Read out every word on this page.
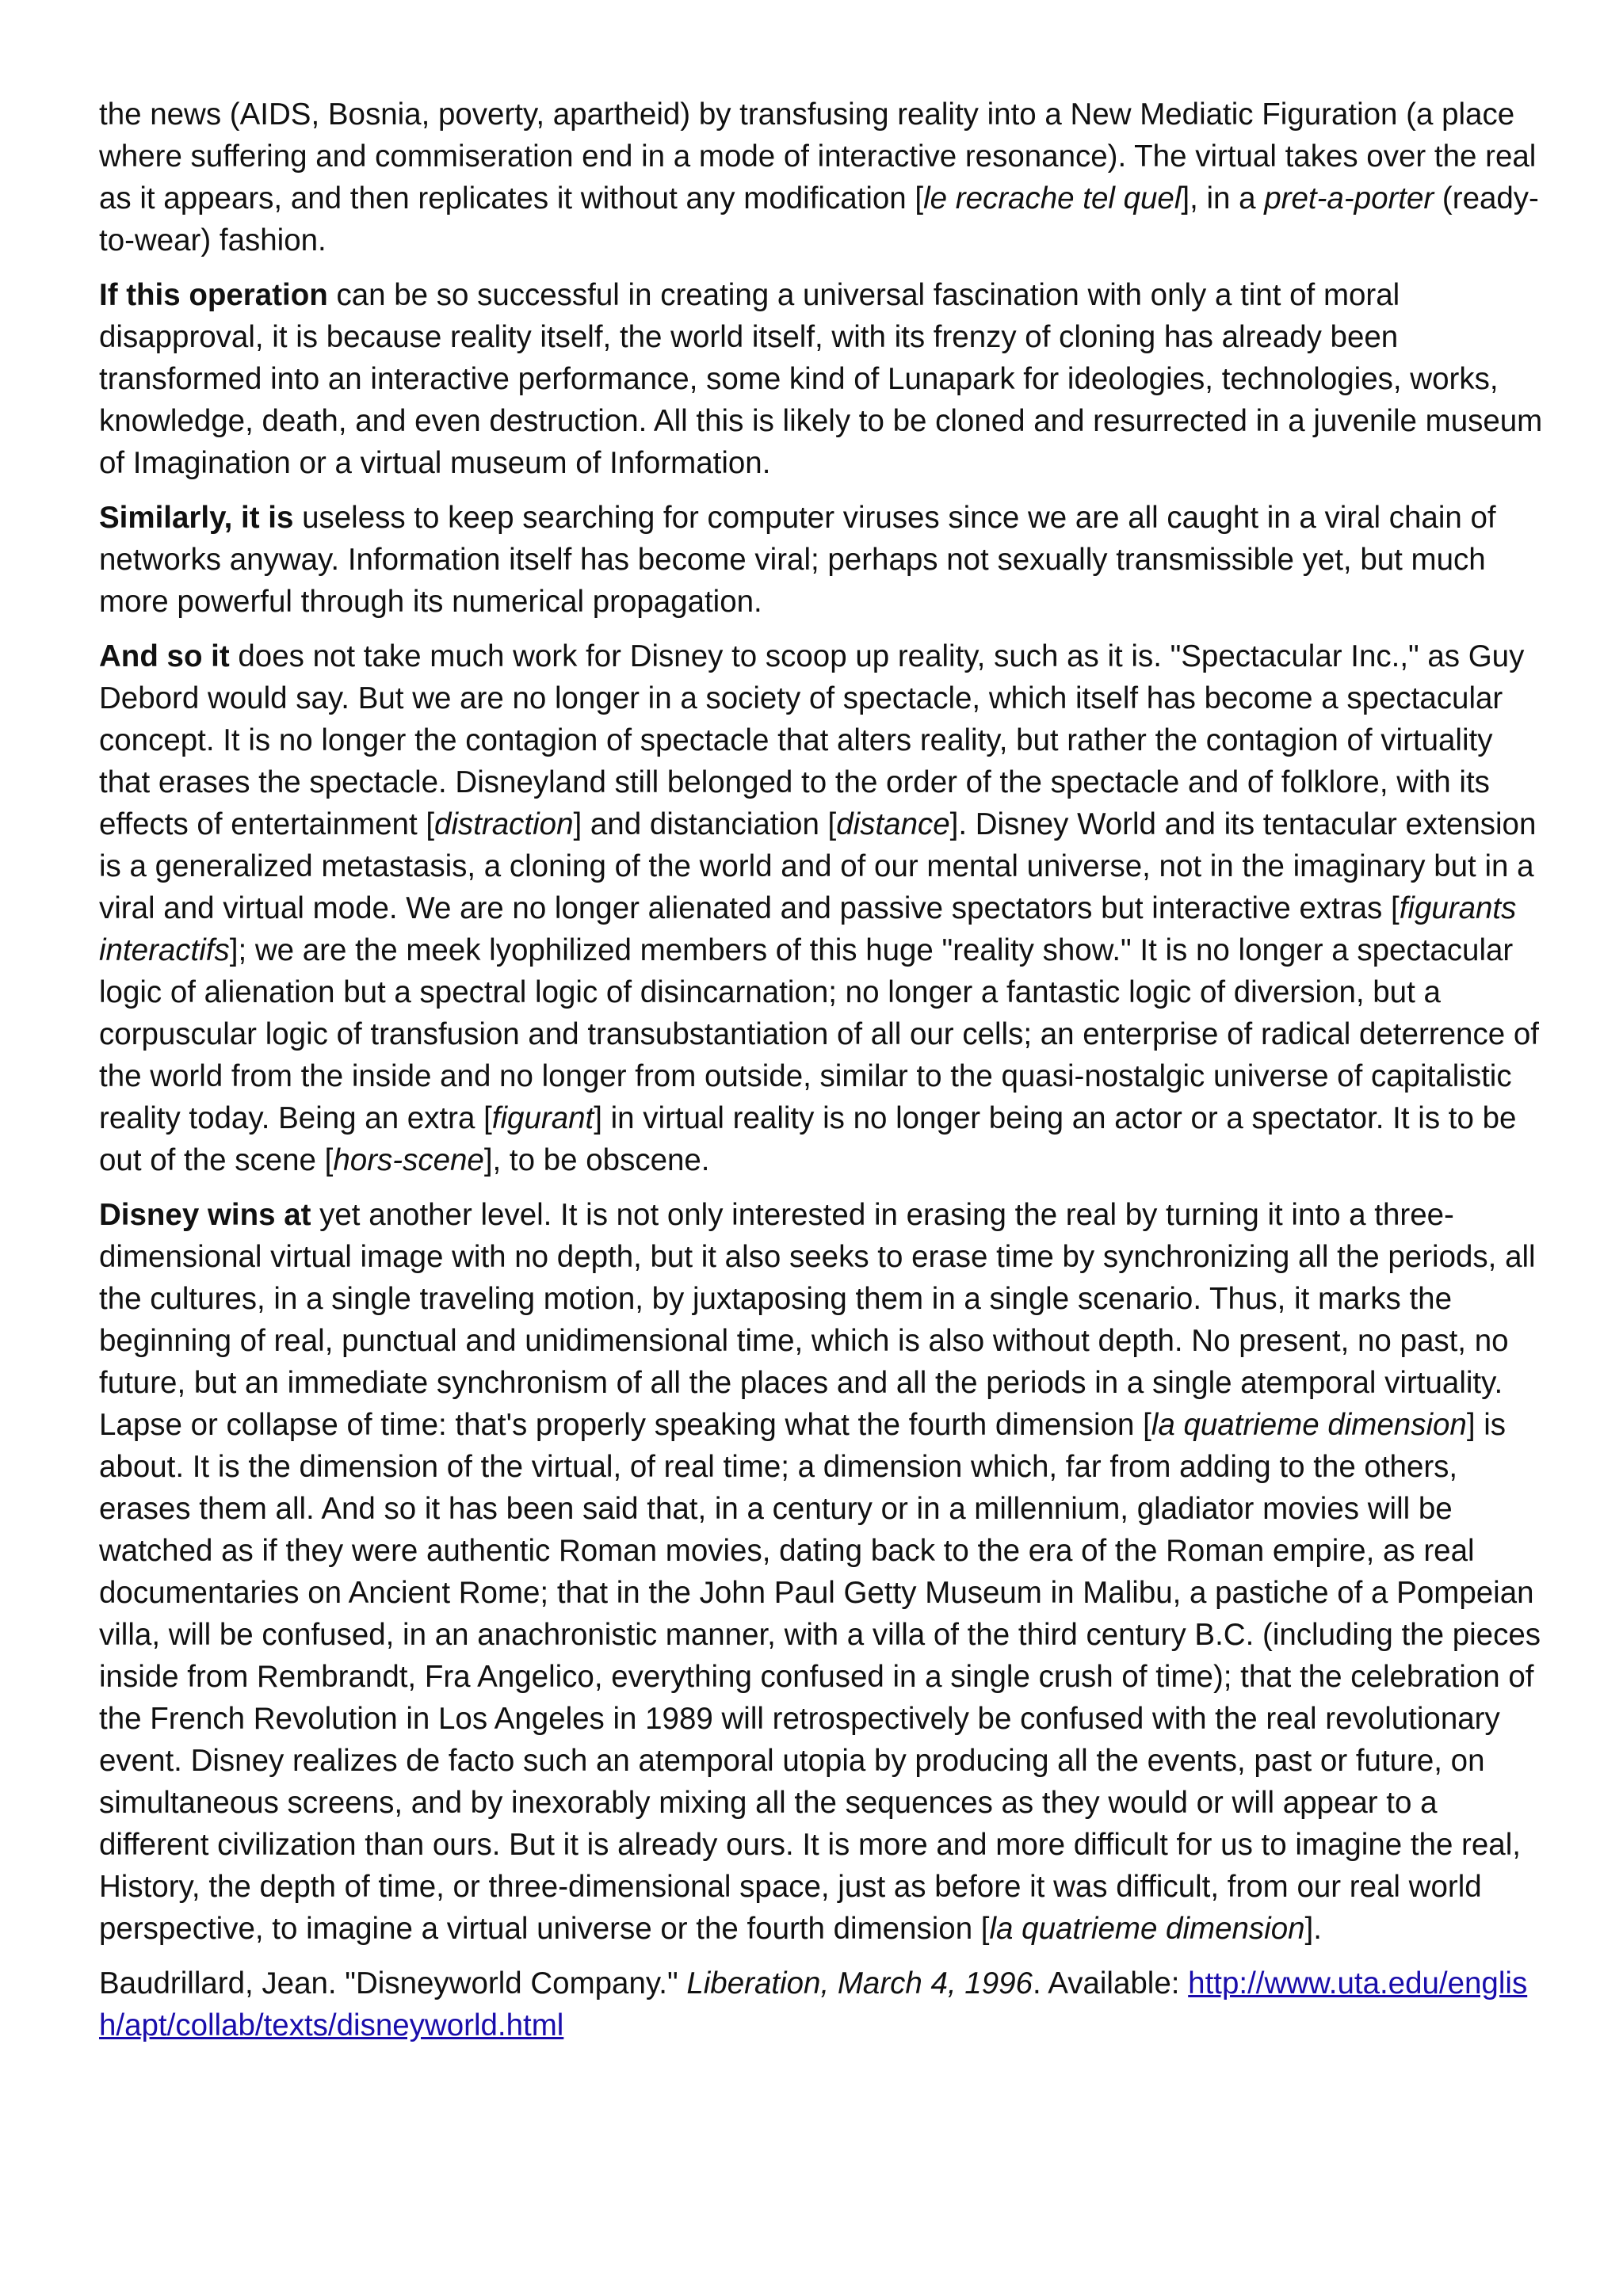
the news (AIDS, Bosnia, poverty, apartheid) by transfusing reality into a New Mediatic Figuration (a place where suffering and commiseration end in a mode of interactive resonance). The virtual takes over the real as it appears, and then replicates it without any modification [le recrache tel quel], in a pret-a-porter (ready-to-wear) fashion.

If this operation can be so successful in creating a universal fascination with only a tint of moral disapproval, it is because reality itself, the world itself, with its frenzy of cloning has already been transformed into an interactive performance, some kind of Lunapark for ideologies, technologies, works, knowledge, death, and even destruction. All this is likely to be cloned and resurrected in a juvenile museum of Imagination or a virtual museum of Information.

Similarly, it is useless to keep searching for computer viruses since we are all caught in a viral chain of networks anyway. Information itself has become viral; perhaps not sexually transmissible yet, but much more powerful through its numerical propagation.

And so it does not take much work for Disney to scoop up reality, such as it is. "Spectacular Inc.," as Guy Debord would say. But we are no longer in a society of spectacle, which itself has become a spectacular concept. It is no longer the contagion of spectacle that alters reality, but rather the contagion of virtuality that erases the spectacle. Disneyland still belonged to the order of the spectacle and of folklore, with its effects of entertainment [distraction] and distanciation [distance]. Disney World and its tentacular extension is a generalized metastasis, a cloning of the world and of our mental universe, not in the imaginary but in a viral and virtual mode. We are no longer alienated and passive spectators but interactive extras [figurants interactifs]; we are the meek lyophilized members of this huge "reality show." It is no longer a spectacular logic of alienation but a spectral logic of disincarnation; no longer a fantastic logic of diversion, but a corpuscular logic of transfusion and transubstantiation of all our cells; an enterprise of radical deterrence of the world from the inside and no longer from outside, similar to the quasi-nostalgic universe of capitalistic reality today. Being an extra [figurant] in virtual reality is no longer being an actor or a spectator. It is to be out of the scene [hors-scene], to be obscene.

Disney wins at yet another level. It is not only interested in erasing the real by turning it into a three-dimensional virtual image with no depth, but it also seeks to erase time by synchronizing all the periods, all the cultures, in a single traveling motion, by juxtaposing them in a single scenario. Thus, it marks the beginning of real, punctual and unidimensional time, which is also without depth. No present, no past, no future, but an immediate synchronism of all the places and all the periods in a single atemporal virtuality. Lapse or collapse of time: that's properly speaking what the fourth dimension [la quatrieme dimension] is about. It is the dimension of the virtual, of real time; a dimension which, far from adding to the others, erases them all. And so it has been said that, in a century or in a millennium, gladiator movies will be watched as if they were authentic Roman movies, dating back to the era of the Roman empire, as real documentaries on Ancient Rome; that in the John Paul Getty Museum in Malibu, a pastiche of a Pompeian villa, will be confused, in an anachronistic manner, with a villa of the third century B.C. (including the pieces inside from Rembrandt, Fra Angelico, everything confused in a single crush of time); that the celebration of the French Revolution in Los Angeles in 1989 will retrospectively be confused with the real revolutionary event. Disney realizes de facto such an atemporal utopia by producing all the events, past or future, on simultaneous screens, and by inexorably mixing all the sequences as they would or will appear to a different civilization than ours. But it is already ours. It is more and more difficult for us to imagine the real, History, the depth of time, or three-dimensional space, just as before it was difficult, from our real world perspective, to imagine a virtual universe or the fourth dimension [la quatrieme dimension].

Baudrillard, Jean. "Disneyworld Company." Liberation, March 4, 1996. Available: http://www.uta.edu/english/apt/collab/texts/disneyworld.html
